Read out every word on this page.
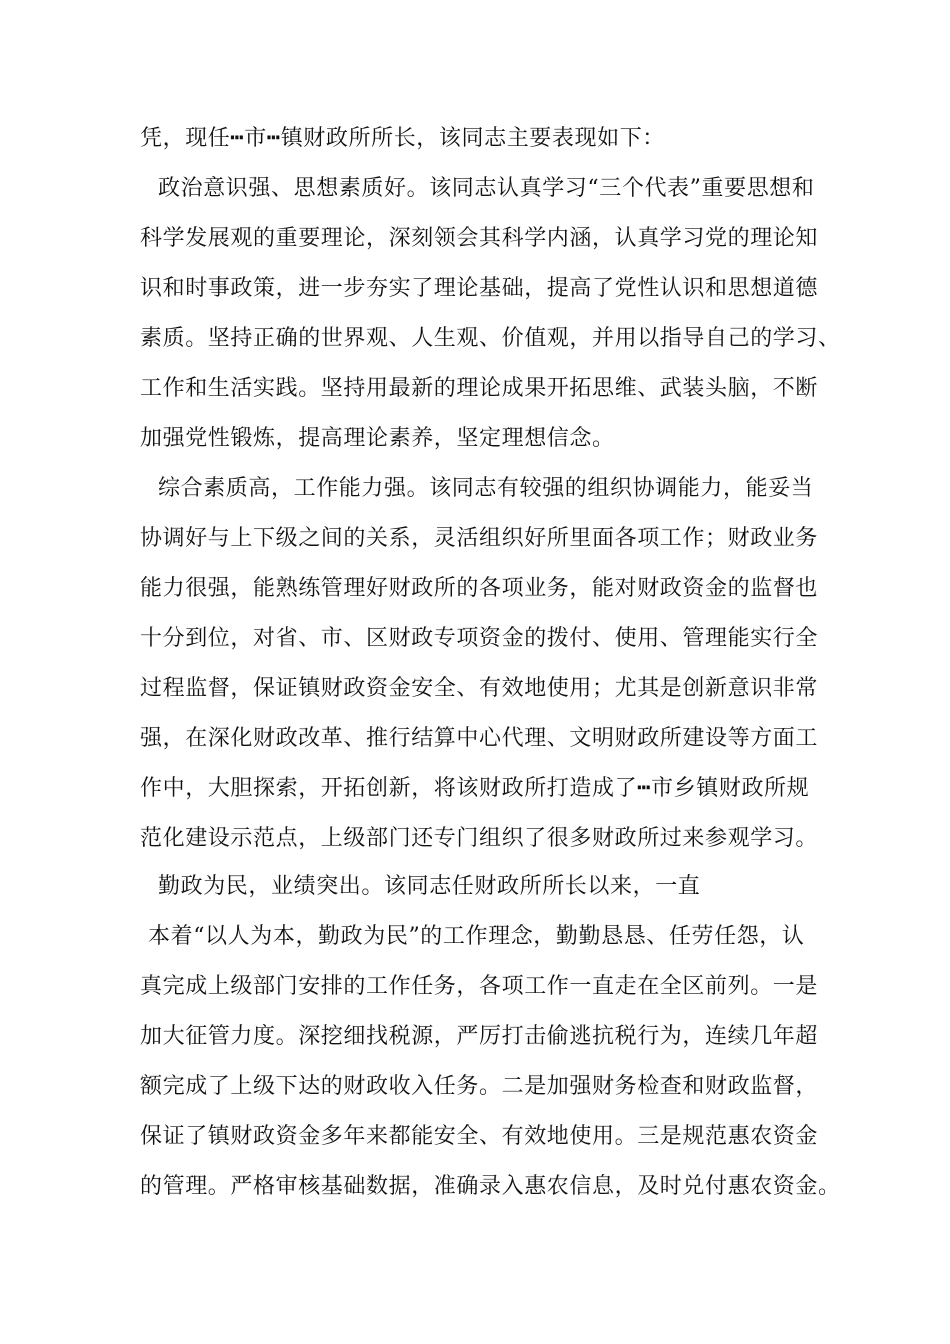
凭，现任┅市┅镇财政所所长，该同志主要表现如下：
政治意识强、思想素质好。该同志认真学习“三个代表”重要思想和
科学发展观的重要理论，深刻领会其科学内涵，认真学习党的理论知
识和时事政策，进一步夯实了理论基础，提高了党性认识和思想道德
素质。坚持正确的世界观、人生观、价值观，并用以指导自己的学习、
工作和生活实践。坚持用最新的理论成果开拓思维、武装头脑，不断
加强党性锻炼，提高理论素养，坚定理想信念。
综合素质高，工作能力强。该同志有较强的组织协调能力，能妥当
协调好与上下级之间的关系，灵活组织好所里面各项工作；财政业务
能力很强，能熟练管理好财政所的各项业务，能对财政资金的监督也
十分到位，对省、市、区财政专项资金的拨付、使用、管理能实行全
过程监督，保证镇财政资金安全、有效地使用；尤其是创新意识非常
强，在深化财政改革、推行结算中心代理、文明财政所建设等方面工
作中，大胆探索，开拓创新，将该财政所打造成了┅市乡镇财政所规
范化建设示范点，上级部门还专门组织了很多财政所过来参观学习。
勤政为民，业绩突出。该同志任财政所所长以来，一直
本着“以人为本，勤政为民”的工作理念，勤勤恳恳、任劳任怨，认
真完成上级部门安排的工作任务，各项工作一直走在全区前列。一是
加大征管力度。深挖细找税源，严厉打击偷逃抗税行为，连续几年超
额完成了上级下达的财政收入任务。二是加强财务检查和财政监督，
保证了镇财政资金多年来都能安全、有效地使用。三是规范惠农资金
的管理。严格审核基础数据，准确录入惠农信息，及时兑付惠农资金。
